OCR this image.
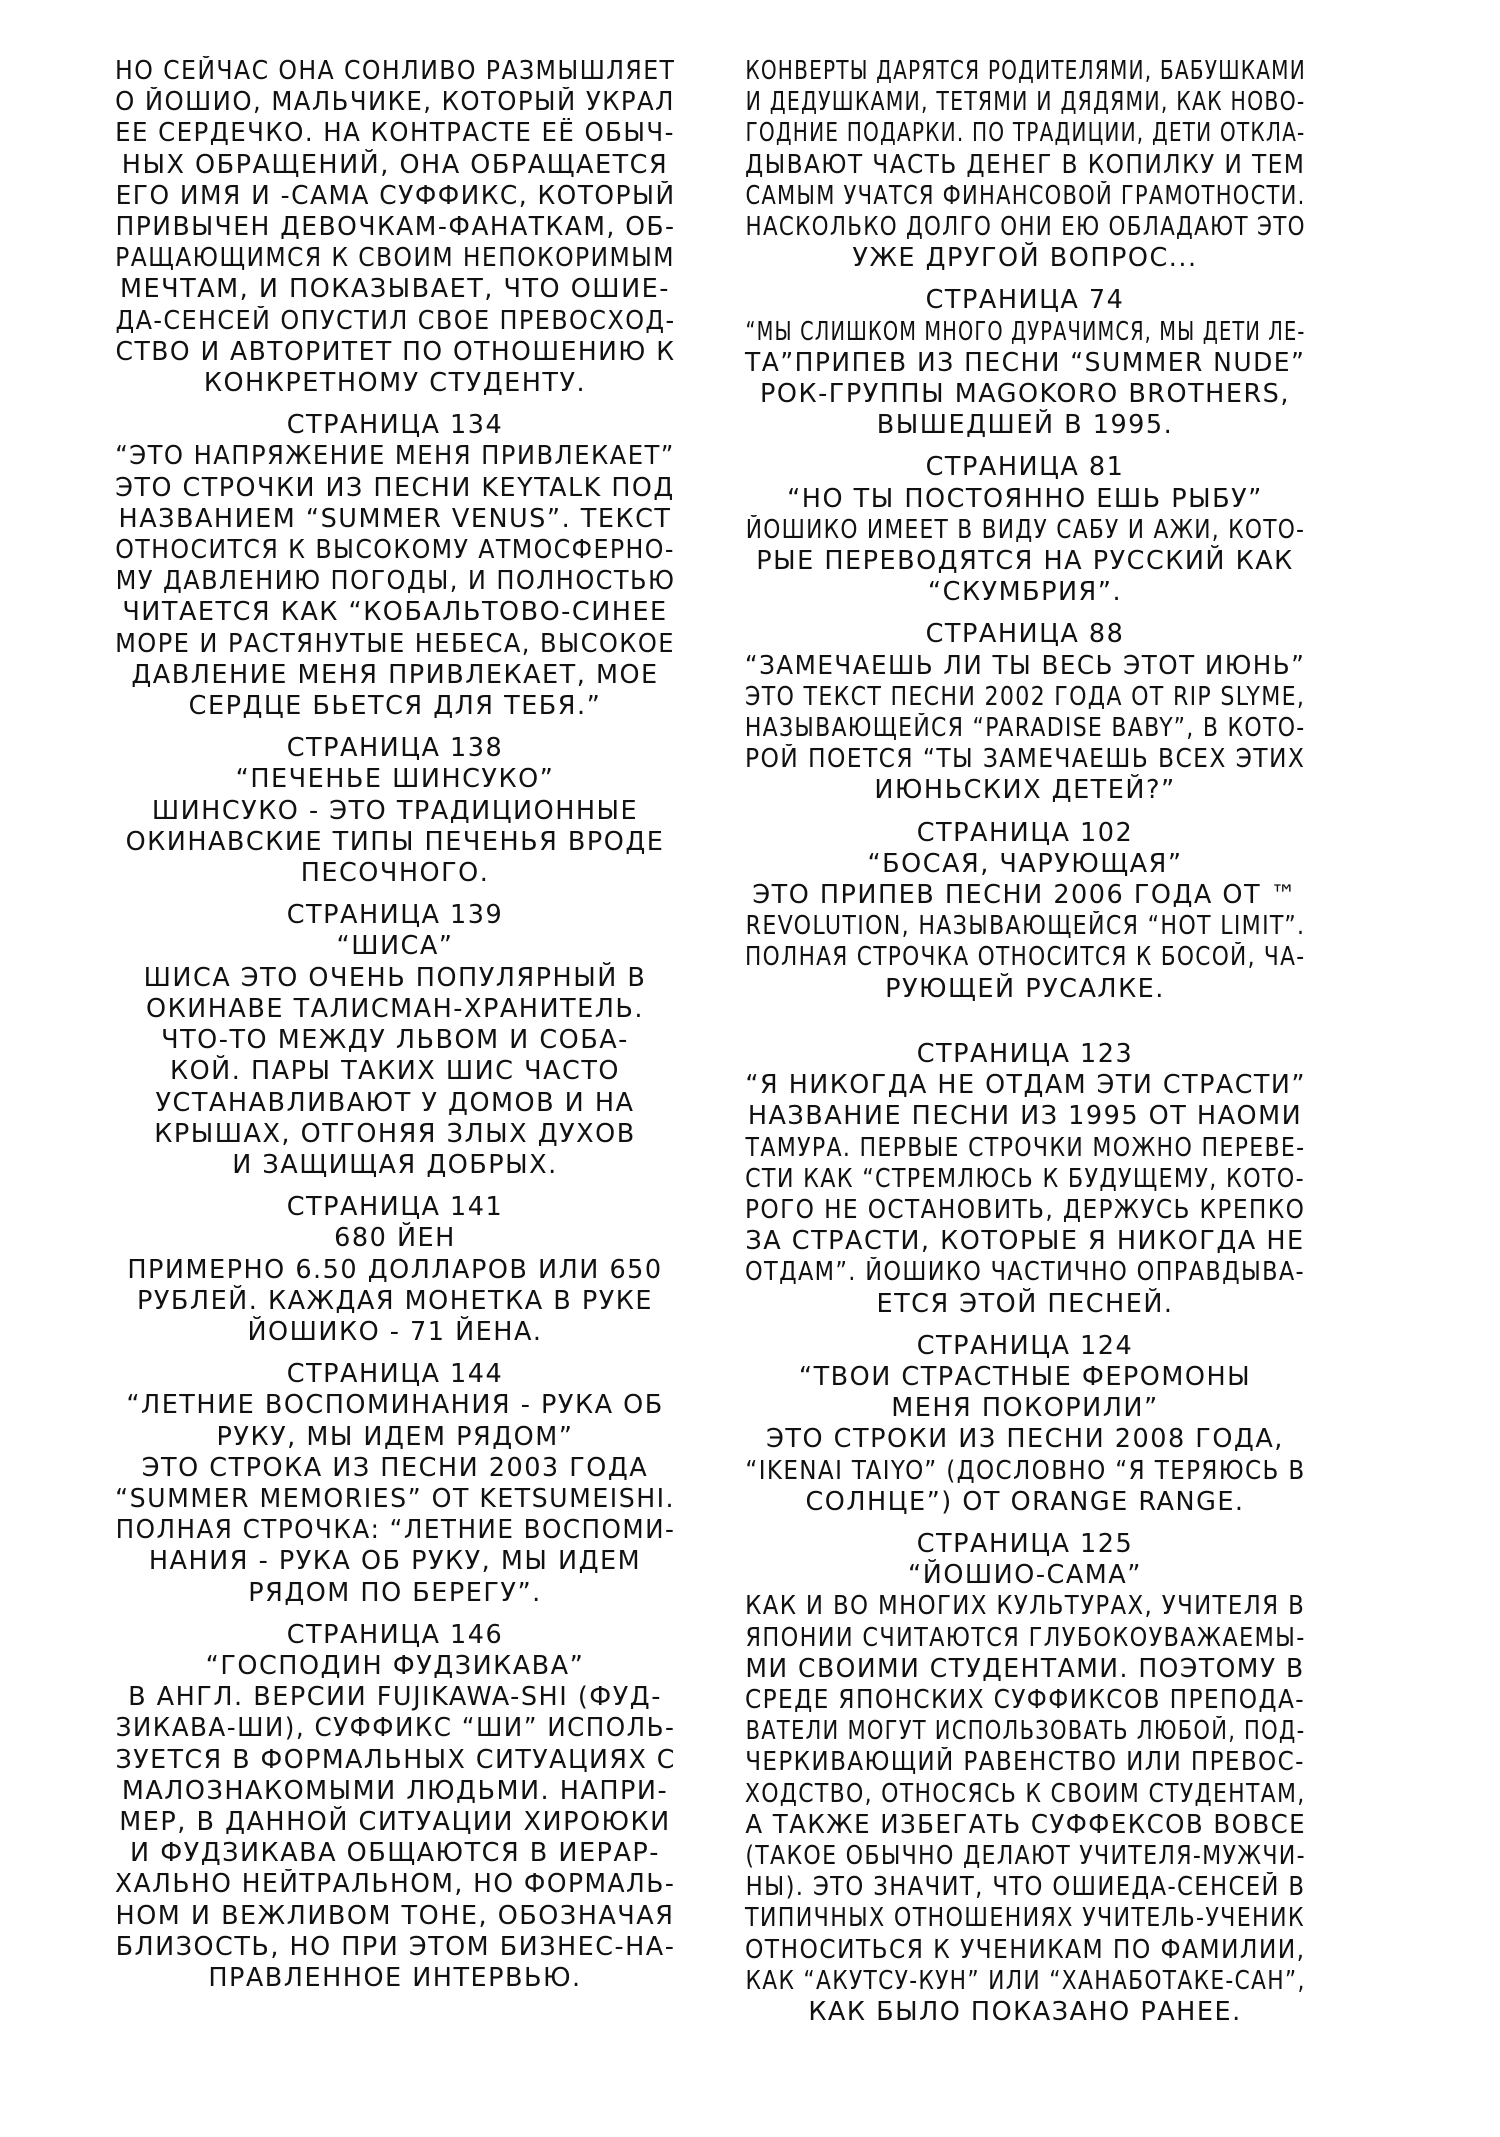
НО СЕЙЧАС ОНА СОНЛИВО РАЗМЫШЛЯЕТ
О ЙОШИО, МАЛЬЧИКЕ, КОТОРЫЙ УКРАЛ
ЕЕ СЕРДЕЧКО. НА КОНТРАСТЕ ЕЁ ОБЫЧ-
НЫХ ОБРАЩЕНИЙ, ОНА ОБРАЩАЕТСЯ
ЕГО ИМЯ И -САМА СУФФИКС, КОТОРЫЙ
ПРИВЫЧЕН ДЕВОЧКАМ-ФАНАТКАМ, ОБ-
РАЩАЮЩИМСЯ К СВОИМ НЕПОКОРИМЫМ
МЕЧТАМ, И ПОКАЗЫВАЕТ, ЧТО ОШИЕ-
ДА-СЕНСЕЙ ОПУСТИЛ СВОЕ ПРЕВОСХОД-
СТВО И АВТОРИТЕТ ПО ОТНОШЕНИЮ К
КОНКРЕТНОМУ СТУДЕНТУ.
СТРАНИЦА 134
“ЭТО НАПРЯЖЕНИЕ МЕНЯ ПРИВЛЕКАЕТ”
ЭТО СТРОЧКИ ИЗ ПЕСНИ KEYTALK ПОД
НАЗВАНИЕМ “SUMMER VENUS”. ТЕКСТ
ОТНОСИТСЯ К ВЫСОКОМУ АТМОСФЕРНО-
МУ ДАВЛЕНИЮ ПОГОДЫ, И ПОЛНОСТЬЮ
ЧИТАЕТСЯ КАК “КОБАЛЬТОВО-СИНЕЕ
МОРЕ И РАСТЯНУТЫЕ НЕБЕСА, ВЫСОКОЕ
ДАВЛЕНИЕ МЕНЯ ПРИВЛЕКАЕТ, МОЕ
СЕРДЦЕ БЬЕТСЯ ДЛЯ ТЕБЯ.”
СТРАНИЦА 138
“ПЕЧЕНЬЕ ШИНСУКО”
ШИНСУКО - ЭТО ТРАДИЦИОННЫЕ
ОКИНАВСКИЕ ТИПЫ ПЕЧЕНЬЯ ВРОДЕ
ПЕСОЧНОГО.
СТРАНИЦА 139
“ШИСА”
ШИСА ЭТО ОЧЕНЬ ПОПУЛЯРНЫЙ В
ОКИНАВЕ ТАЛИСМАН-ХРАНИТЕЛЬ.
ЧТО-ТО МЕЖДУ ЛЬВОМ И СОБА-
КОЙ. ПАРЫ ТАКИХ ШИС ЧАСТО
УСТАНАВЛИВАЮТ У ДОМОВ И НА
КРЫШАХ, ОТГОНЯЯ ЗЛЫХ ДУХОВ
И ЗАЩИЩАЯ ДОБРЫХ.
СТРАНИЦА 141
680 ЙЕН
ПРИМЕРНО 6.50 ДОЛЛАРОВ ИЛИ 650
РУБЛЕЙ. КАЖДАЯ МОНЕТКА В РУКЕ
ЙОШИКО - 71 ЙЕНА.
СТРАНИЦА 144
“ЛЕТНИЕ ВОСПОМИНАНИЯ - РУКА ОБ
РУКУ, МЫ ИДЕМ РЯДОМ”
ЭТО СТРОКА ИЗ ПЕСНИ 2003 ГОДА
“SUMMER MEMORIES” ОТ KETSUMEISHI.
ПОЛНАЯ СТРОЧКА: “ЛЕТНИЕ ВОСПОМИ-
НАНИЯ - РУКА ОБ РУКУ, МЫ ИДЕМ
РЯДОМ ПО БЕРЕГУ”.
СТРАНИЦА 146
“ГОСПОДИН ФУДЗИКАВА”
В АНГЛ. ВЕРСИИ FUJIKAWA-SHI (ФУД-
ЗИКАВА-ШИ), СУФФИКС “ШИ” ИСПОЛЬ-
ЗУЕТСЯ В ФОРМАЛЬНЫХ СИТУАЦИЯХ С
МАЛОЗНАКОМЫМИ ЛЮДЬМИ. НАПРИ-
МЕР, В ДАННОЙ СИТУАЦИИ ХИРОЮКИ
И ФУДЗИКАВА ОБЩАЮТСЯ В ИЕРАР-
ХАЛЬНО НЕЙТРАЛЬНОМ, НО ФОРМАЛЬ-
НОМ И ВЕЖЛИВОМ ТОНЕ, ОБОЗНАЧАЯ
БЛИЗОСТЬ, НО ПРИ ЭТОМ БИЗНЕС-НА-
ПРАВЛЕННОЕ ИНТЕРВЬЮ.
КОНВЕРТЫ ДАРЯТСЯ РОДИТЕЛЯМИ, БАБУШКАМИ
И ДЕДУШКАМИ, ТЕТЯМИ И ДЯДЯМИ, КАК НОВО-
ГОДНИЕ ПОДАРКИ. ПО ТРАДИЦИИ, ДЕТИ ОТКЛА-
ДЫВАЮТ ЧАСТЬ ДЕНЕГ В КОПИЛКУ И ТЕМ
САМЫМ УЧАТСЯ ФИНАНСОВОЙ ГРАМОТНОСТИ.
НАСКОЛЬКО ДОЛГО ОНИ ЕЮ ОБЛАДАЮТ ЭТО
УЖЕ ДРУГОЙ ВОПРОС...
СТРАНИЦА 74
“МЫ СЛИШКОМ МНОГО ДУРАЧИМСЯ, МЫ ДЕТИ ЛЕ-
ТА”ПРИПЕВ ИЗ ПЕСНИ “SUMMER NUDE”
РОК-ГРУППЫ MAGOKORO BROTHERS,
ВЫШЕДШЕЙ В 1995.
СТРАНИЦА 81
“НО ТЫ ПОСТОЯННО ЕШЬ РЫБУ”
ЙОШИКО ИМЕЕТ В ВИДУ САБУ И АЖИ, КОТО-
РЫЕ ПЕРЕВОДЯТСЯ НА РУССКИЙ КАК
“СКУМБРИЯ”.
СТРАНИЦА 88
“ЗАМЕЧАЕШЬ ЛИ ТЫ ВЕСЬ ЭТОТ ИЮНЬ”
ЭТО ТЕКСТ ПЕСНИ 2002 ГОДА ОТ RIP SLYME,
НАЗЫВАЮЩЕЙСЯ “PARADISE BABY”, В КОТО-
РОЙ ПОЕТСЯ “ТЫ ЗАМЕЧАЕШЬ ВСЕХ ЭТИХ
ИЮНЬСКИХ ДЕТЕЙ?”
СТРАНИЦА 102
“БОСАЯ, ЧАРУЮЩАЯ”
ЭТО ПРИПЕВ ПЕСНИ 2006 ГОДА ОТ ™
REVOLUTION, НАЗЫВАЮЩЕЙСЯ “HOT LIMIT”.
ПОЛНАЯ СТРОЧКА ОТНОСИТСЯ К БОСОЙ, ЧА-
РУЮЩЕЙ РУСАЛКЕ.
СТРАНИЦА 123
“Я НИКОГДА НЕ ОТДАМ ЭТИ СТРАСТИ”
НАЗВАНИЕ ПЕСНИ ИЗ 1995 ОТ НАОМИ
ТАМУРА. ПЕРВЫЕ СТРОЧКИ МОЖНО ПЕРЕВЕ-
СТИ КАК “СТРЕМЛЮСЬ К БУДУЩЕМУ, КОТО-
РОГО НЕ ОСТАНОВИТЬ, ДЕРЖУСЬ КРЕПКО
ЗА СТРАСТИ, КОТОРЫЕ Я НИКОГДА НЕ
ОТДАМ”. ЙОШИКО ЧАСТИЧНО ОПРАВДЫВА-
ЕТСЯ ЭТОЙ ПЕСНЕЙ.
СТРАНИЦА 124
“ТВОИ СТРАСТНЫЕ ФЕРОМОНЫ
МЕНЯ ПОКОРИЛИ”
ЭТО СТРОКИ ИЗ ПЕСНИ 2008 ГОДА,
“IKENAI TAIYO” (ДОСЛОВНО “Я ТЕРЯЮСЬ В
СОЛНЦЕ”) ОТ ORANGE RANGE.
СТРАНИЦА 125
“ЙОШИО-САМА”
КАК И ВО МНОГИХ КУЛЬТУРАХ, УЧИТЕЛЯ В
ЯПОНИИ СЧИТАЮТСЯ ГЛУБОКОУВАЖАЕМЫ-
МИ СВОИМИ СТУДЕНТАМИ. ПОЭТОМУ В
СРЕДЕ ЯПОНСКИХ СУФФИКСОВ ПРЕПОДА-
ВАТЕЛИ МОГУТ ИСПОЛЬЗОВАТЬ ЛЮБОЙ, ПОД-
ЧЕРКИВАЮЩИЙ РАВЕНСТВО ИЛИ ПРЕВОС-
ХОДСТВО, ОТНОСЯСЬ К СВОИМ СТУДЕНТАМ,
А ТАКЖЕ ИЗБЕГАТЬ СУФФЕКСОВ ВОВСЕ
(ТАКОЕ ОБЫЧНО ДЕЛАЮТ УЧИТЕЛЯ-МУЖЧИ-
НЫ). ЭТО ЗНАЧИТ, ЧТО ОШИЕДА-СЕНСЕЙ В
ТИПИЧНЫХ ОТНОШЕНИЯХ УЧИТЕЛЬ-УЧЕНИК
ОТНОСИТЬСЯ К УЧЕНИКАМ ПО ФАМИЛИИ,
КАК “АКУТСУ-КУН” ИЛИ “ХАНАБОТАКЕ-САН”,
КАК БЫЛО ПОКАЗАНО РАНЕЕ.
